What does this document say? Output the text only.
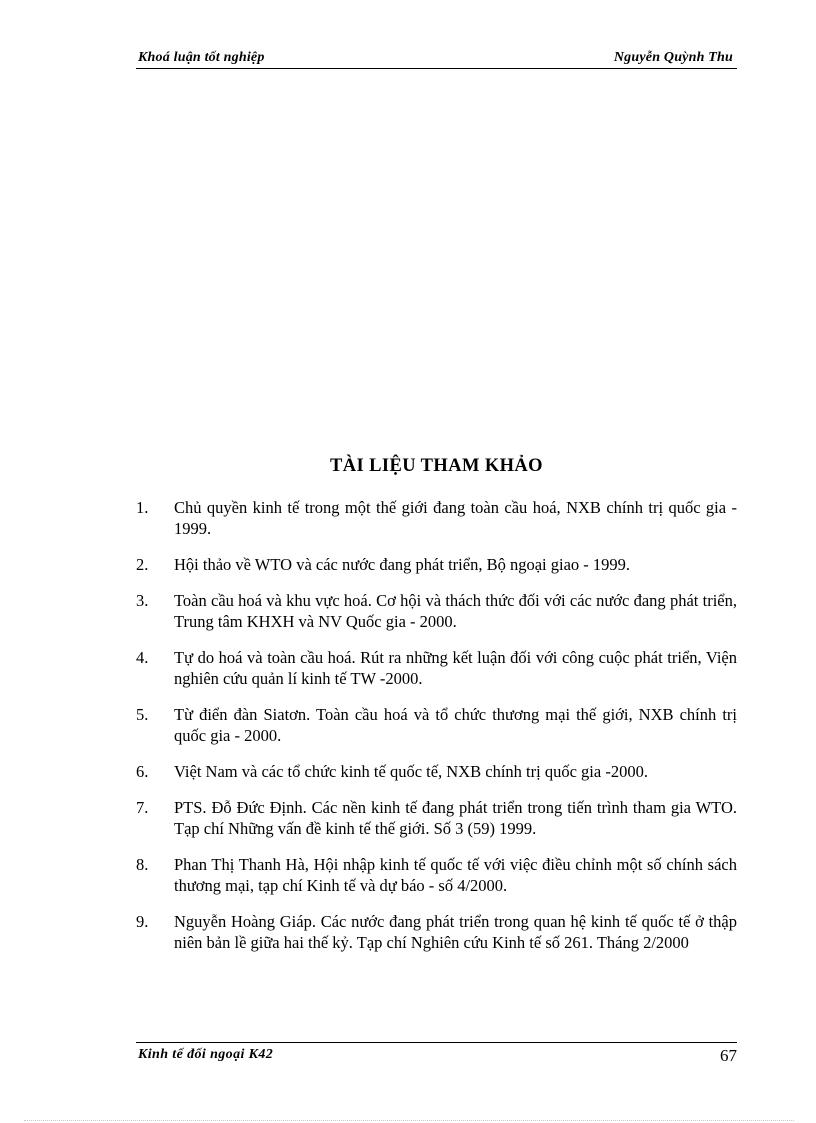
Khoá luận tốt nghiệp	Nguyễn Quỳnh Thu
TÀI LIỆU THAM KHẢO
1. Chủ quyền kinh tế trong một thế giới đang toàn cầu hoá, NXB chính trị quốc gia - 1999.
2. Hội thảo về WTO và các nước đang phát triển, Bộ ngoại giao - 1999.
3. Toàn cầu hoá và khu vực hoá. Cơ hội và thách thức đối với các nước đang phát triển, Trung tâm KHXH và NV Quốc gia - 2000.
4. Tự do hoá và toàn cầu hoá. Rút ra những kết luận đối với công cuộc phát triển, Viện nghiên cứu quản lí kinh tế TW -2000.
5. Từ điển đàn Siatơn. Toàn cầu hoá và tổ chức thương mại thế giới, NXB chính trị quốc gia - 2000.
6. Việt Nam và các tổ chức kinh tế quốc tế, NXB chính trị quốc gia -2000.
7. PTS. Đỗ Đức Định. Các nền kinh tế đang phát triển trong tiến trình tham gia WTO. Tạp chí Những vấn đề kinh tế thế giới. Số 3 (59) 1999.
8. Phan Thị Thanh Hà, Hội nhập kinh tế quốc tế với việc điều chỉnh một số chính sách thương mại, tạp chí Kinh tế và dự báo - số 4/2000.
9. Nguyễn Hoàng Giáp. Các nước đang phát triển trong quan hệ kinh tế quốc tế ở thập niên bản lề giữa hai thế kỷ. Tạp chí Nghiên cứu Kinh tế số 261. Tháng 2/2000
Kinh tế đối ngoại K42	67
